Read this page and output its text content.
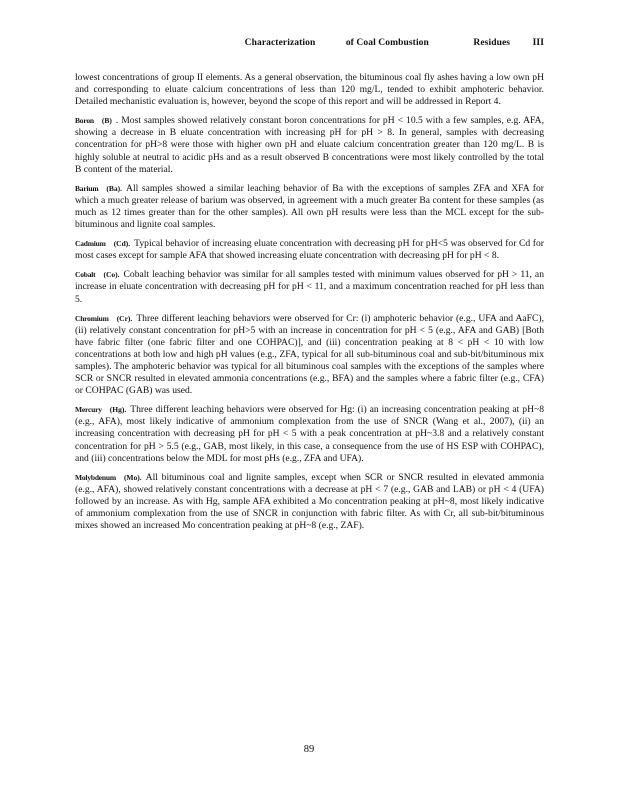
Characterization	of Coal Combustion	Residues III

lowest concentrations of group II elements. As a general observation, the bituminous coal fly ashes having a low own pH and corresponding to eluate calcium concentrations of less than 120 mg/L, tended to exhibit amphoteric behavior. Detailed mechanistic evaluation is, however, beyond the scope of this report and will be addressed in Report 4.

Boron (B) . Most samples showed relatively constant boron concentrations for pH < 10.5 with a few samples, e.g. AFA, showing a decrease in B eluate concentration with increasing pH for pH > 8. In general, samples with decreasing concentration for pH>8 were those with higher own pH and eluate calcium concentration greater than 120 mg/L. B is highly soluble at neutral to acidic pHs and as a result observed B concentrations were most likely controlled by the total B content of the material.

Barium (Ba). All samples showed a similar leaching behavior of Ba with the exceptions of samples ZFA and XFA for which a much greater release of barium was observed, in agreement with a much greater Ba content for these samples (as much as 12 times greater than for the other samples). All own pH results were less than the MCL except for the sub-bituminous and lignite coal samples.

Cadmium (Cd). Typical behavior of increasing eluate concentration with decreasing pH for pH<5 was observed for Cd for most cases except for sample AFA that showed increasing eluate concentration with decreasing pH for pH < 8.

Cobalt (Co). Cobalt leaching behavior was similar for all samples tested with minimum values observed for pH > 11, an increase in eluate concentration with decreasing pH for pH < 11, and a maximum concentration reached for pH less than 5.

Chromium (Cr). Three different leaching behaviors were observed for Cr: (i) amphoteric behavior (e.g., UFA and AaFC), (ii) relatively constant concentration for pH>5 with an increase in concentration for pH < 5 (e.g., AFA and GAB) [Both have fabric filter (one fabric filter and one COHPAC)], and (iii) concentration peaking at 8 < pH < 10 with low concentrations at both low and high pH values (e.g., ZFA, typical for all sub-bituminous coal and sub-bit/bituminous mix samples). The amphoteric behavior was typical for all bituminous coal samples with the exceptions of the samples where SCR or SNCR resulted in elevated ammonia concentrations (e.g., BFA) and the samples where a fabric filter (e.g., CFA) or COHPAC (GAB) was used.

Mercury (Hg). Three different leaching behaviors were observed for Hg: (i) an increasing concentration peaking at pH~8 (e.g., AFA), most likely indicative of ammonium complexation from the use of SNCR (Wang et al., 2007), (ii) an increasing concentration with decreasing pH for pH < 5 with a peak concentration at pH~3.8 and a relatively constant concentration for pH > 5.5 (e.g., GAB, most likely, in this case, a consequence from the use of HS ESP with COHPAC), and (iii) concentrations below the MDL for most pHs (e.g., ZFA and UFA).

Molybdenum (Mo). All bituminous coal and lignite samples, except when SCR or SNCR resulted in elevated ammonia (e.g., AFA), showed relatively constant concentrations with a decrease at pH < 7 (e.g., GAB and LAB) or pH < 4 (UFA) followed by an increase. As with Hg, sample AFA exhibited a Mo concentration peaking at pH~8, most likely indicative of ammonium complexation from the use of SNCR in conjunction with fabric filter. As with Cr, all sub-bit/bituminous mixes showed an increased Mo concentration peaking at pH~8 (e.g., ZAF).

89
